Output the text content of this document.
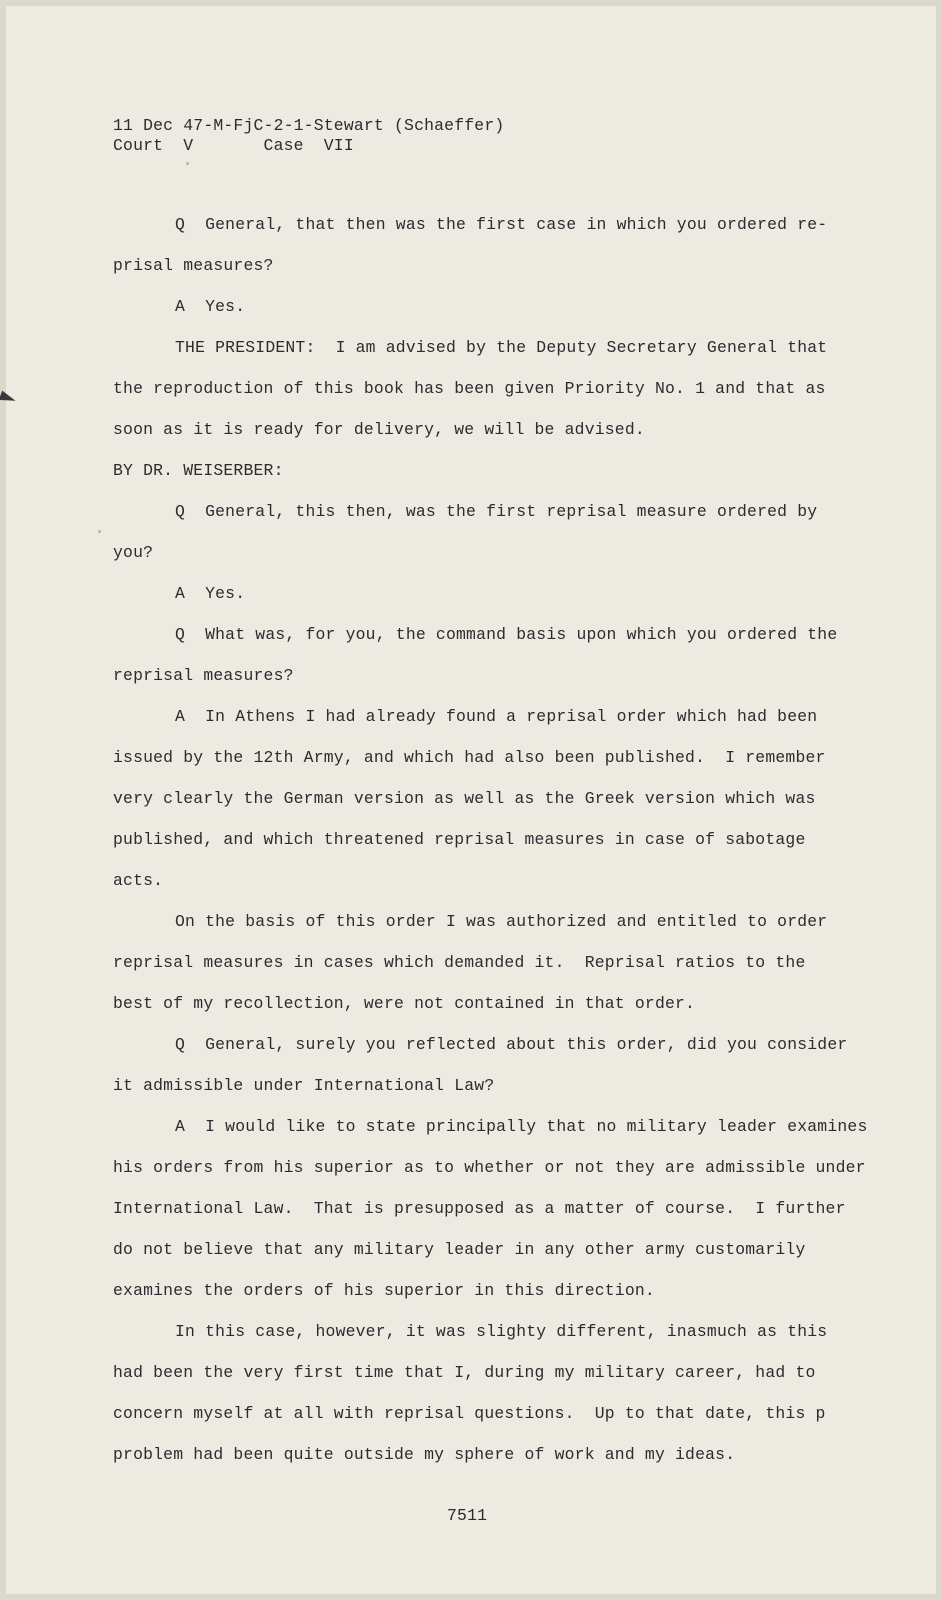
11 Dec 47-M-FjC-2-1-Stewart (Schaeffer)
Court  V       Case  VII
Q  General, that then was the first case in which you ordered re-
prisal measures?
A  Yes.
THE PRESIDENT:  I am advised by the Deputy Secretary General that
the reproduction of this book has been given Priority No. 1 and that as
soon as it is ready for delivery, we will be advised.
BY DR. WEISERBER:
Q  General, this then, was the first reprisal measure ordered by
you?
A  Yes.
Q  What was, for you, the command basis upon which you ordered the
reprisal measures?
A  In Athens I had already found a reprisal order which had been
issued by the 12th Army, and which had also been published.  I remember
very clearly the German version as well as the Greek version which was
published, and which threatened reprisal measures in case of sabotage
acts.
On the basis of this order I was authorized and entitled to order
reprisal measures in cases which demanded it.  Reprisal ratios to the
best of my recollection, were not contained in that order.
Q  General, surely you reflected about this order, did you consider
it admissible under International Law?
A  I would like to state principally that no military leader examines
his orders from his superior as to whether or not they are admissible under
International Law.  That is presupposed as a matter of course.  I further
do not believe that any military leader in any other army customarily
examines the orders of his superior in this direction.
In this case, however, it was slighty different, inasmuch as this
had been the very first time that I, during my military career, had to
concern myself at all with reprisal questions.  Up to that date, this p
problem had been quite outside my sphere of work and my ideas.
7511
